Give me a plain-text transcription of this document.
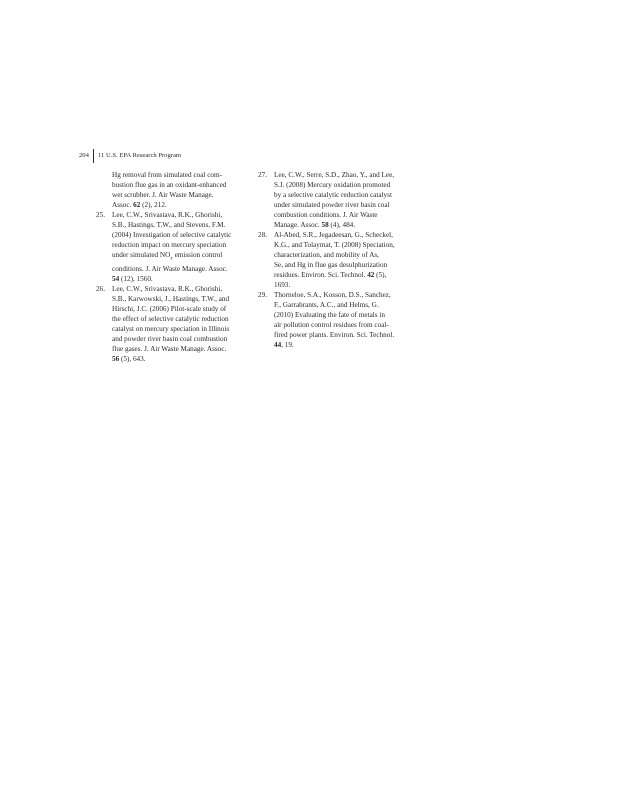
204 11 U.S. EPA Research Program
Hg removal from simulated coal com-
bustion flue gas in an oxidant-enhanced
wet scrubber. J. Air Waste Manage.
Assoc. 62 (2), 212.
25. Lee, C.W., Srivastava, R.K., Ghorishi,
S.B., Hastings, T.W., and Stevens, F.M.
(2004) Investigation of selective catalytic
reduction impact on mercury speciation
under simulated $NO_x$ emission control
conditions. J. Air Waste Manage. Assoc.
54 (12), 1560.
26. Lee, C.W., Srivastava, R.K., Ghorishi,
S.B., Karwowski, J., Hastings, T.W., and
Hirschi, J.C. (2006) Pilot-scale study of
the effect of selective catalytic reduction
catalyst on mercury speciation in Illinois
and powder river basin coal combustion
flue gases. J. Air Waste Manage. Assoc.
56 (5), 643.
27. Lee, C.W., Serre, S.D., Zhao, Y., and Lee,
S.J. (2008) Mercury oxidation promoted
by a selective catalytic reduction catalyst
under simulated powder river basin coal
combustion conditions. J. Air Waste
Manage. Assoc. 58 (4), 484.
28. Al-Abed, S.R., Jegadeesan, G., Scheckel,
K.G., and Tolaymat, T. (2008) Speciation,
characterization, and mobility of As,
Se, and Hg in flue gas desulphurization
residues. Environ. Sci. Technol. 42 (5),
1693.
29. Thorneloe, S.A., Kosson, D.S., Sanchez,
F., Garrabrants, A.C., and Helms, G.
(2010) Evaluating the fate of metals in
air pollution control residues from coal-
fired power plants. Environ. Sci. Technol.
44, 19.
